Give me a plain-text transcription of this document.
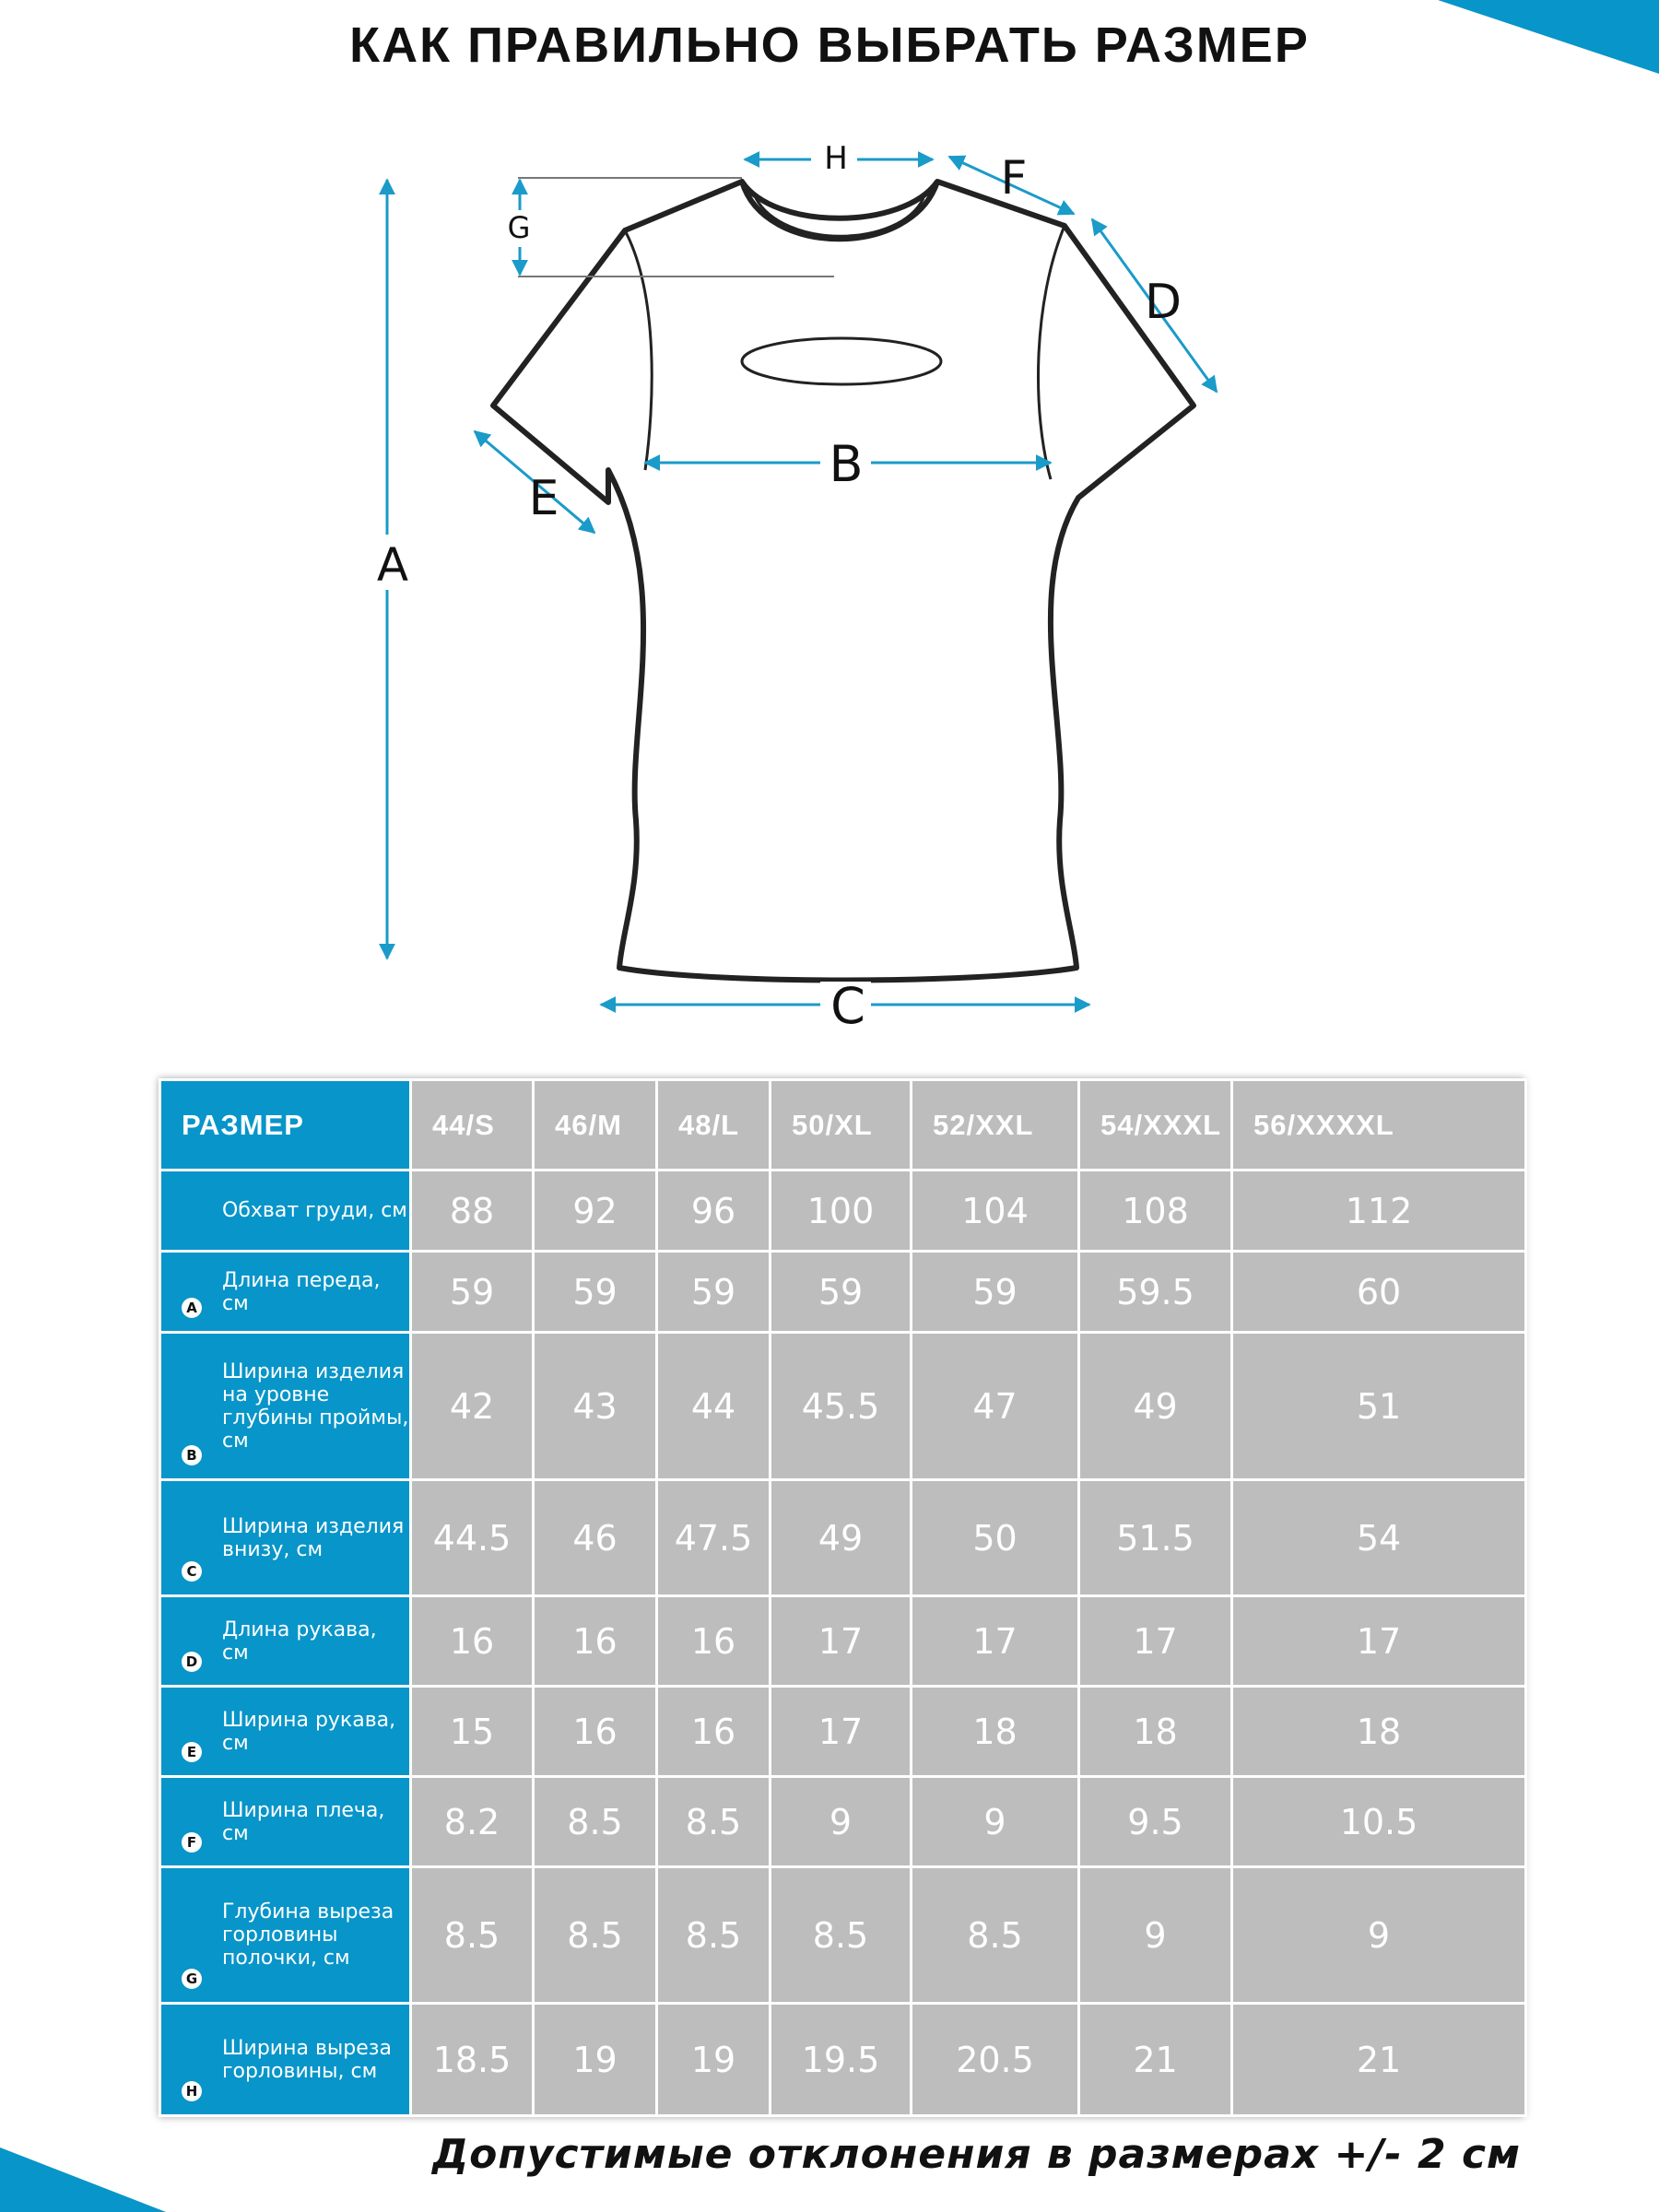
КАК ПРАВИЛЬНО ВЫБРАТЬ РАЗМЕР
A
B
C
D
E
F
G
H
РАЗМЕР	44/S	46/M	48/L	50/XL	52/XXL	54/XXXL	56/XXXXL
Обхват груди, см	88	92	96	100	104	108	112

A
Длина переда, см	59	59	59	59	59	59.5	60

B
Ширина изделия на уровне глубины проймы, см	42	43	44	45.5	47	49	51

C
Ширина изделия внизу, см	44.5	46	47.5	49	50	51.5	54

D
Длина рукава, см	16	16	16	17	17	17	17

E
Ширина рукава, см	15	16	16	17	18	18	18

F
Ширина плеча, см	8.2	8.5	8.5	9	9	9.5	10.5

G
Глубина выреза горловины полочки, см	8.5	8.5	8.5	8.5	8.5	9	9

H
Ширина выреза горловины, см	18.5	19	19	19.5	20.5	21	21
Допустимые отклонения в размерах +/- 2 см
